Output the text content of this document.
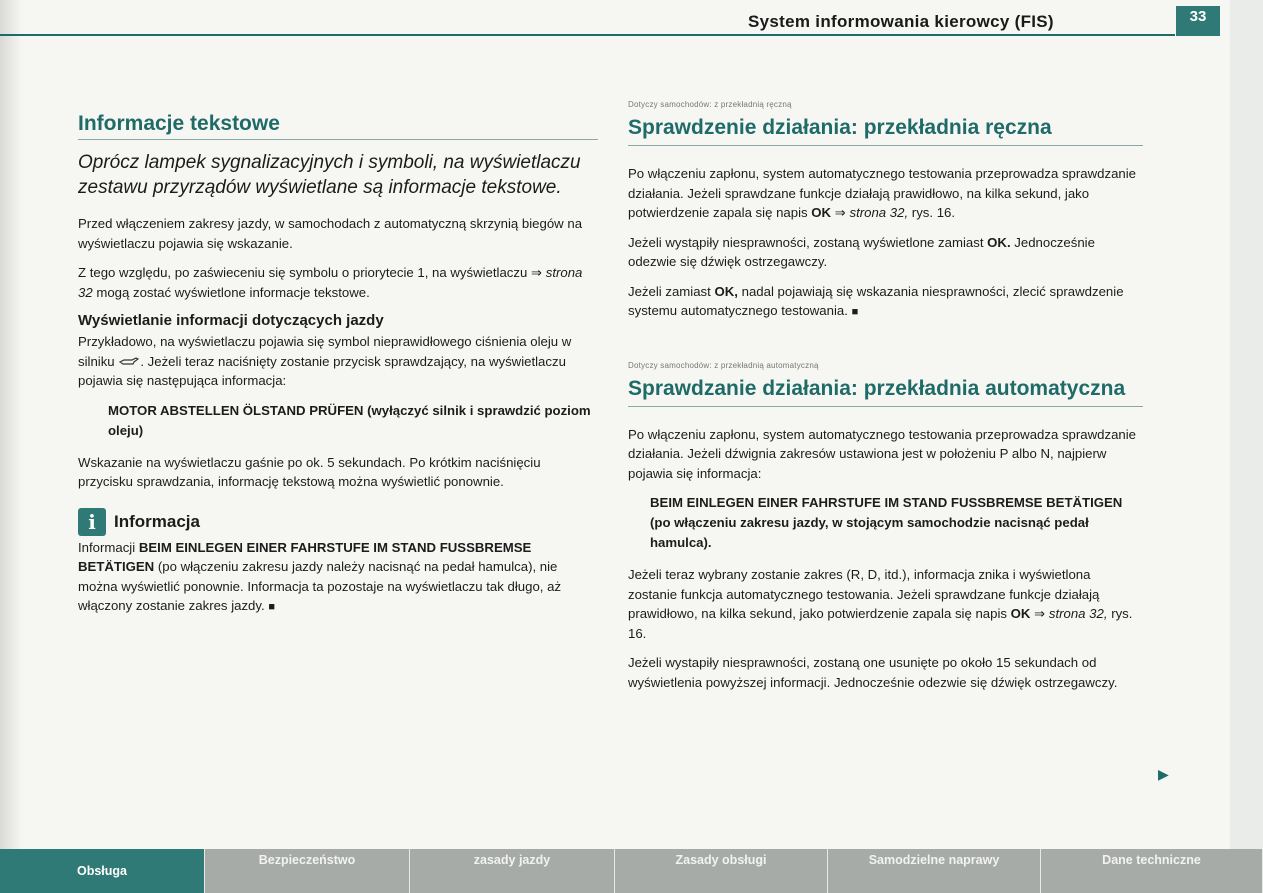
System informowania kierowcy (FIS)	33
Informacje tekstowe
Oprócz lampek sygnalizacyjnych i symboli, na wyświetlaczu zestawu przyrządów wyświetlane są informacje tekstowe.

Przed włączeniem zakresy jazdy, w samochodach z automatyczną skrzynią biegów na wyświetlaczu pojawia się wskazanie.

Z tego względu, po zaświeceniu się symbolu o priorytecie 1, na wyświetlaczu ⇒ strona 32 mogą zostać wyświetlone informacje tekstowe.

Wyświetlanie informacji dotyczących jazdy

Przykładowo, na wyświetlaczu pojawia się symbol nieprawidłowego ciśnienia oleju w silniku . Jeżeli teraz naciśnięty zostanie przycisk sprawdzający, na wyświetlaczu pojawia się następująca informacja:

MOTOR ABSTELLEN ÖLSTAND PRÜFEN (wyłączyć silnik i sprawdzić poziom oleju)

Wskazanie na wyświetlaczu gaśnie po ok. 5 sekundach. Po krótkim naciśnięciu przycisku sprawdzania, informację tekstową można wyświetlić ponownie.

i	Informacja

Informacji BEIM EINLEGEN EINER FAHRSTUFE IM STAND FUSSBREMSE BETÄTIGEN (po włączeniu zakresu jazdy należy nacisnąć na pedał hamulca), nie można wyświetlić ponownie. Informacja ta pozostaje na wyświetlaczu tak długo, aż włączony zostanie zakres jazdy. ■

Dotyczy samochodów: z przekładnią ręczną
Sprawdzenie działania: przekładnia ręczna

Po włączeniu zapłonu, system automatycznego testowania przeprowadza sprawdzanie działania. Jeżeli sprawdzane funkcje działają prawidłowo, na kilka sekund, jako potwierdzenie zapala się napis OK ⇒ strona 32, rys. 16.

Jeżeli wystąpiły niesprawności, zostaną wyświetlone zamiast OK. Jednocześnie odezwie się dźwięk ostrzegawczy.

Jeżeli zamiast OK, nadal pojawiają się wskazania niesprawności, zlecić sprawdzenie systemu automatycznego testowania. ■

Dotyczy samochodów: z przekładnią automatyczną
Sprawdzanie działania: przekładnia automatyczna

Po włączeniu zapłonu, system automatycznego testowania przeprowadza sprawdzanie działania. Jeżeli dźwignia zakresów ustawiona jest w położeniu P albo N, najpierw pojawia się informacja:

BEIM EINLEGEN EINER FAHRSTUFE IM STAND FUSSBREMSE BETÄTIGEN (po włączeniu zakresu jazdy, w stojącym samochodzie nacisnąć pedał hamulca).

Jeżeli teraz wybrany zostanie zakres (R, D, itd.), informacja znika i wyświetlona zostanie funkcja automatycznego testowania. Jeżeli sprawdzane funkcje działają prawidłowo, na kilka sekund, jako potwierdzenie zapala się napis OK ⇒ strona 32, rys. 16.

Jeżeli wystapiły niesprawności, zostaną one usunięte po około 15 sekundach od wyświetlenia powyższej informacji. Jednocześnie odezwie się dźwięk ostrzegawczy.

▶
Obsługa
Bezpieczeństwo	zasady jazdy	Zasady obsługi	Samodzielne naprawy	Dane techniczne
